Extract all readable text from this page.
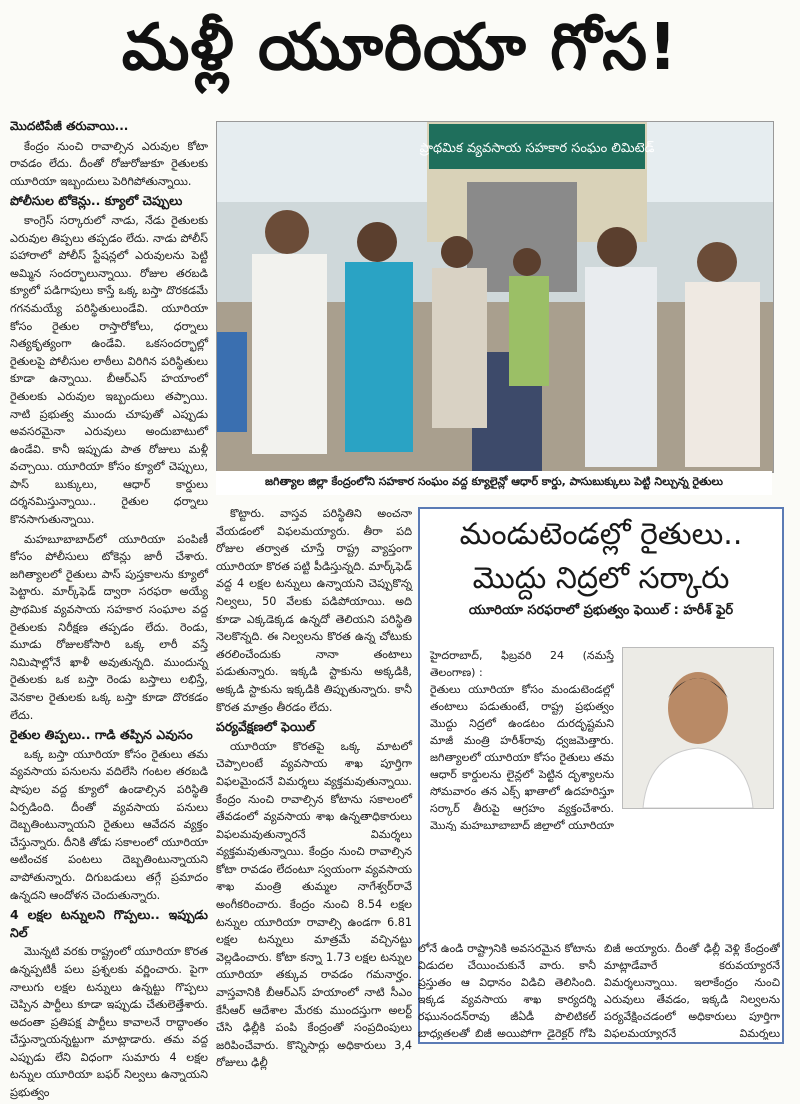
మళ్లీ యూరియా గోస!

మొదటిపేజీ తరువాయి...

కేంద్రం నుంచి రావాల్సిన ఎరువుల కోటా రావడం లేదు. దీంతో రోజురోజుకూ రైతులకు యూరియా ఇబ్బందులు పెరిగిపోతున్నాయి.

పోలీసుల టోకెన్లు.. క్యూలో చెప్పులు

కాంగ్రెస్ సర్కారులో నాడు, నేడు రైతులకు ఎరువుల తిప్పలు తప్పడం లేదు. నాడు పోలీస్ పహారాలో పోలీస్ స్టేషన్లలో ఎరువులను పెట్టి అమ్మిన సందర్భాలున్నాయి. రోజుల తరబడి క్యూలో పడిగాపులు కాస్తే ఒక్క బస్తా దొరకడమే గగనమయ్యే పరిస్థితులుండేవి. యూరియా కోసం రైతుల రాస్తారోకోలు, ధర్నాలు నిత్యకృత్యంగా ఉండేవి. ఒకసందర్భాల్లో రైతులపై పోలీసుల లాఠీలు విరిగిన పరిస్థితులు కూడా ఉన్నాయి. బీఆర్ఎస్ హయాంలో రైతులకు ఎరువుల ఇబ్బందులు తప్పాయి. నాటి ప్రభుత్వ ముందు చూపుతో ఎప్పుడు అవసరమైనా ఎరువులు అందుబాటులో ఉండేవి. కానీ ఇప్పుడు పాత రోజులు మళ్లీ వచ్చాయి. యూరియా కోసం క్యూలో చెప్పులు, పాస్ బుక్కులు, ఆధార్ కార్డులు దర్శనమిస్తున్నాయి.. రైతుల ధర్నాలు కొనసాగుతున్నాయి.

మహబూబాబాద్‌లో యూరియా పంపిణీ కోసం పోలీసులు టోకెన్లు జారీ చేశారు. జగిత్యాలలో రైతులు పాస్ పుస్తకాలను క్యూలో పెట్టారు. మార్క్‌ఫెడ్ ద్వారా సరఫరా అయ్యే ప్రాథమిక వ్యవసాయ సహకార సంఘాల వద్ద రైతులకు నిరీక్షణ తప్పడం లేదు. రెండు, మూడు రోజులకోసారి ఒక్క లారీ వస్తే నిమిషాల్లోనే ఖాళీ అవుతున్నది. ముందున్న రైతులకు ఒక బస్తా రెండు బస్తాలు లభిస్తే, వెనకాల రైతులకు ఒక్క బస్తా కూడా దొరకడం లేదు.

రైతుల తిప్పలు.. గాడి తప్పిన ఎవుసం

ఒక్క బస్తా యూరియా కోసం రైతులు తమ వ్యవసాయ పనులను వదిలేసి గంటల తరబడి షాపుల వద్ద క్యూలో ఉండాల్సిన పరిస్థితి ఏర్పడింది. దీంతో వ్యవసాయ పనులు దెబ్బతింటున్నాయని రైతులు ఆవేదన వ్యక్తం చేస్తున్నారు. దీనికి తోడు సకాలంలో యూరియా అటించక పంటలు దెబ్బతింటున్నాయని వాపోతున్నారు. దిగుబడులు తగ్గే ప్రమాదం ఉన్నదని ఆందోళన చెందుతున్నారు.

4 లక్షల టన్నులని గొప్పలు.. ఇప్పుడు నిల్

మొన్నటి వరకు రాష్ట్రంలో యూరియా కొరత ఉన్నప్పటికీ పలు ప్రశ్నలకు వర్ణించారు. పైగా నాలుగు లక్షల టన్నులు ఉన్నట్టు గొప్పలు చెప్పిన పార్టీలు కూడా ఇప్పుడు చేతులెత్తేశారు. అదంతా ప్రతిపక్ష పార్టీలు కావాలనే రాద్ధాంతం చేస్తున్నాయన్నట్టుగా మాట్లాడారు. తమ వద్ద ఎప్పుడు లేని విధంగా సుమారు 4 లక్షల టన్నుల యూరియా బఫర్ నిల్వలు ఉన్నాయని ప్రభుత్వం

ప్రాథమిక వ్యవసాయ సహకార సంఘం లిమిటెడ్
జగిత్యాల జిల్లా కేంద్రంలోని సహకార సంఘం వద్ద క్యూలైన్లో ఆధార్ కార్డు, పాసుబుక్కులు పెట్టి నిల్చున్న రైతులు

కొట్టారు. వాస్తవ పరిస్థితిని అంచనా వేయడంలో విఫలమయ్యారు. తీరా పది రోజుల తర్వాత చూస్తే రాష్ట్ర వ్యాప్తంగా యూరియా కొరత పట్టి పీడిస్తున్నది. మార్క్‌ఫెడ్ వద్ద 4 లక్షల టన్నులు ఉన్నాయని చెప్పుకొన్న నిల్వలు, 50 వేలకు పడిపోయాయి. అది కూడా ఎక్కడెక్కడ ఉన్నదో తెలియని పరిస్థితి నెలకొన్నది. ఈ నిల్వలను కొరత ఉన్న చోటుకు తరలించేందుకు నానా తంటాలు పడుతున్నారు. ఇక్కడి స్టాకును అక్కడికి, అక్కడి స్టాకును ఇక్కడికి తిప్పుతున్నారు. కానీ కొరత మాత్రం తీరడం లేదు.

పర్యవేక్షణలో ఫెయిల్

యూరియా కొరతపై ఒక్క మాటలో చెప్పాలంటే వ్యవసాయ శాఖ పూర్తిగా విఫలమైందనే విమర్శలు వ్యక్తమవుతున్నాయి. కేంద్రం నుంచి రావాల్సిన కోటాను సకాలంలో తేవడంలో వ్యవసాయ శాఖ ఉన్నతాధికారులు విఫలమవుతున్నారనే విమర్శలు వ్యక్తమవుతున్నాయి. కేంద్రం నుంచి రావాల్సిన కోటా రావడం లేదంటూ స్వయంగా వ్యవసాయ శాఖ మంత్రి తుమ్మల నాగేశ్వర్‌రావే అంగీకరించారు. కేంద్రం నుంచి 8.54 లక్షల టన్నుల యూరియా రావాల్సి ఉండగా 6.81 లక్షల టన్నులు మాత్రమే వచ్చినట్టు వెల్లడించారు. కోటా కన్నా 1.73 లక్షల టన్నుల యూరియా తక్కువ రావడం గమనార్హం. వాస్తవానికి బీఆర్ఎస్ హయాంలో నాటి సీఎం కేసీఆర్ ఆదేశాల మేరకు ముందస్తుగా అలర్ట్ చేసి ఢిల్లీకి పంపి కేంద్రంతో సంప్రదింపులు జరిపించేవారు. కొన్నిసార్లు అధికారులు 3,4 రోజులు ఢిల్లీ

మండుటెండల్లో రైతులు..
మొద్దు నిద్రలో సర్కారు
యూరియా సరఫరాలో ప్రభుత్వం ఫెయిల్ : హరీశ్ ఫైర్
హైదరాబాద్, ఫిబ్రవరి 24 (నమస్తే తెలంగాణ) :
రైతులు యూరియా కోసం మండుటెండల్లో తంటాలు పడుతుంటే, రాష్ట్ర ప్రభుత్వం మొద్దు నిద్రలో ఉండటం దురదృష్టమని మాజీ మంత్రి హరీశ్‌రావు ధ్వజమెత్తారు. జగిత్యాలలో యూరియా కోసం రైతులు తమ ఆధార్ కార్డులను లైన్లలో పెట్టిన దృశ్యాలను సోమవారం తన ఎక్స్ ఖాతాలో ఉదహరిస్తూ సర్కార్ తీరుపై ఆగ్రహం వ్యక్తంచేశారు. మొన్న మహబూబాబాద్ జిల్లాలో యూరియా
లోనే ఉండి రాష్ట్రానికి అవసరమైన కోటాను విడుదల చేయించుకునే వారు. కానీ ప్రస్తుతం ఆ విధానం విడిచి తెలిసింది. ఇక్కడ వ్యవసాయ శాఖ కార్యదర్శి రఘునందన్‌రావు జీఏడీ పొలిటికల్ బాధ్యతలతో బిజీ అయిపోగా డైరెక్టర్ గోపి
బిజీ అయ్యారు. దీంతో ఢిల్లీ వెళ్లి కేంద్రంతో మాట్లాడేవారే కరువయ్యారనే విమర్శలున్నాయి. ఇలాకేంద్రం నుంచి ఎరువులు తేవడం, ఇక్కడి నిల్వలను పర్యవేక్షించడంలో అధికారులు పూర్తిగా విఫలమయ్యారనే విమర్శలు
